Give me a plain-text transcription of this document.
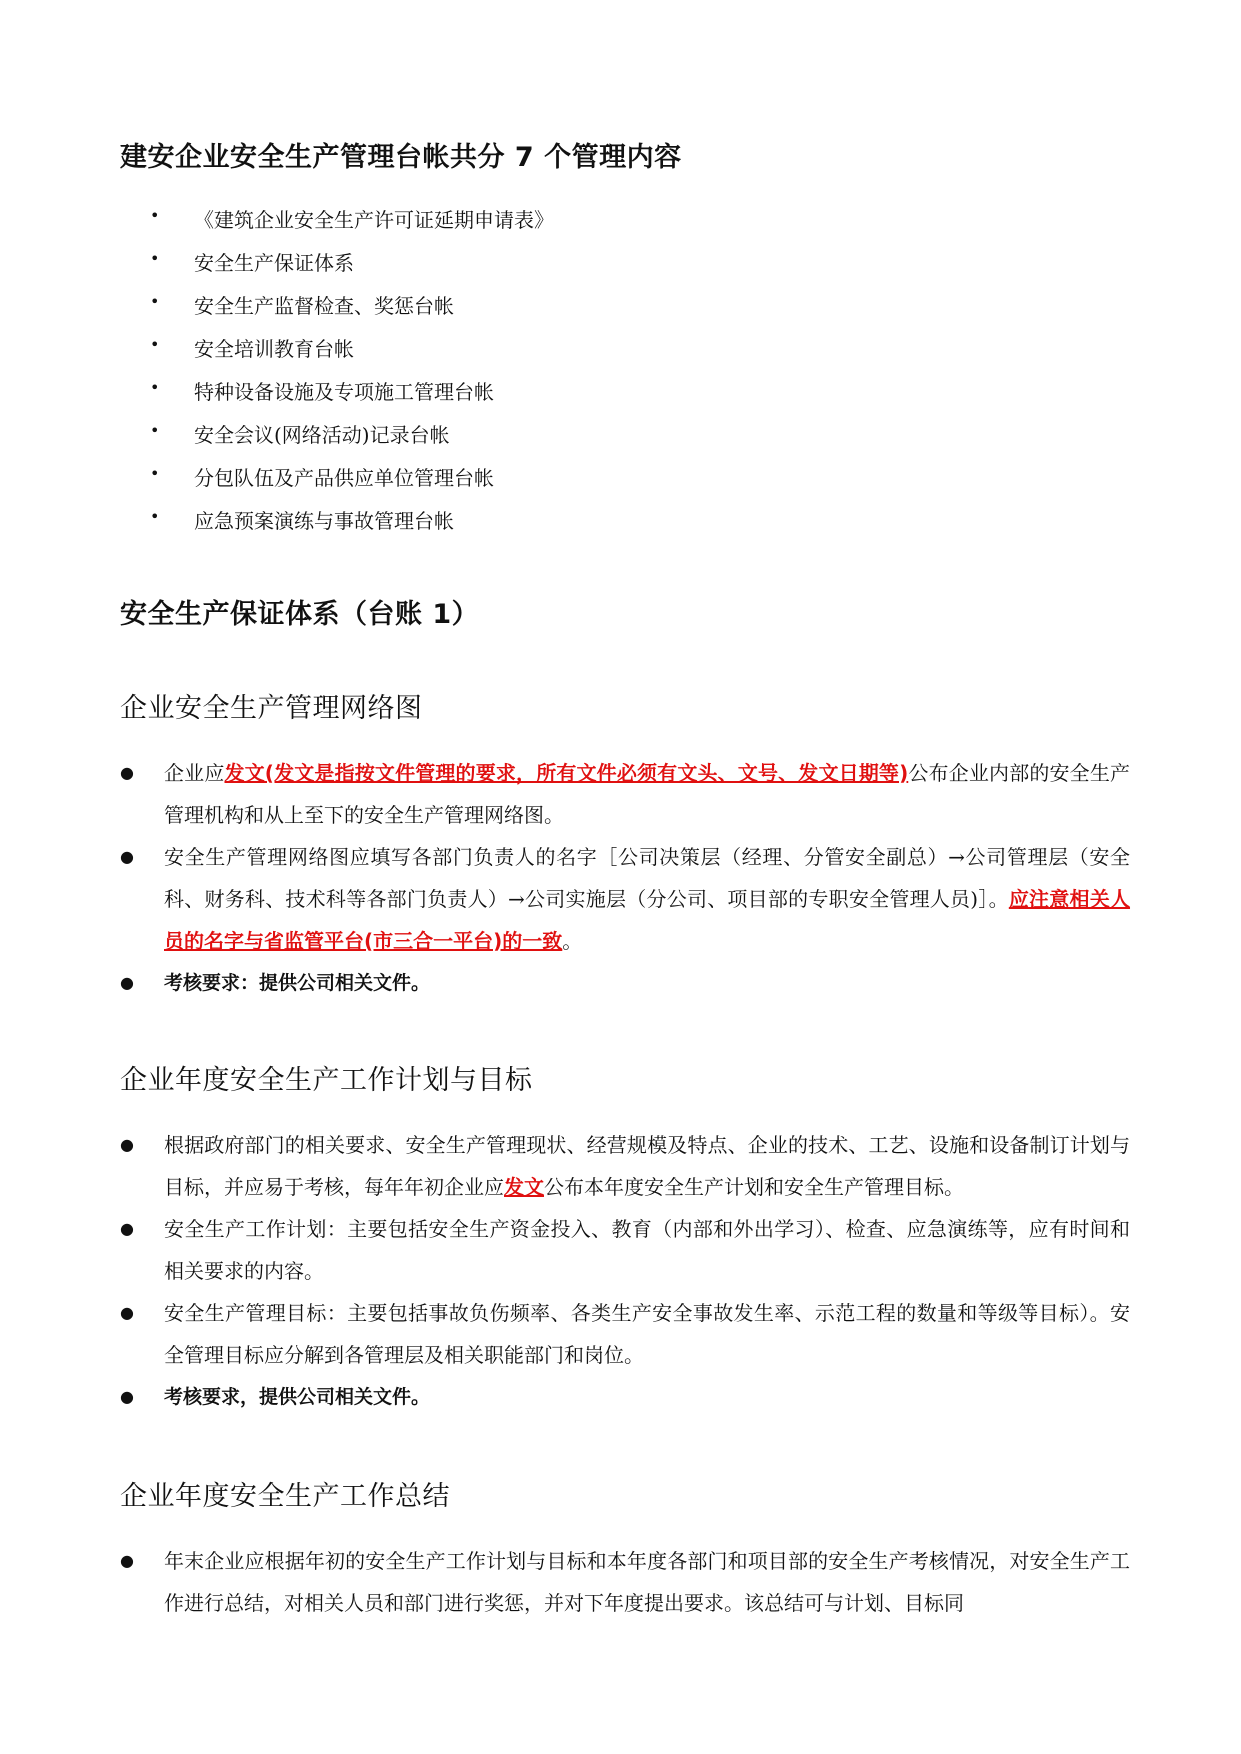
建安企业安全生产管理台帐共分 7 个管理内容
•	《建筑企业安全生产许可证延期申请表》
•	安全生产保证体系
•	安全生产监督检查、奖惩台帐
•	安全培训教育台帐
•	特种设备设施及专项施工管理台帐
•	安全会议(网络活动)记录台帐
•	分包队伍及产品供应单位管理台帐
•	应急预案演练与事故管理台帐
安全生产保证体系（台账 1）
企业安全生产管理网络图
●	企业应发文(发文是指按文件管理的要求，所有文件必须有文头、文号、发文日期等)公布企业内部的安全生产管理机构和从上至下的安全生产管理网络图。
●	安全生产管理网络图应填写各部门负责人的名字［公司决策层（经理、分管安全副总）→公司管理层（安全科、财务科、技术科等各部门负责人）→公司实施层（分公司、项目部的专职安全管理人员)］。应注意相关人员的名字与省监管平台(市三合一平台)的一致。
●	考核要求：提供公司相关文件。
企业年度安全生产工作计划与目标
●	根据政府部门的相关要求、安全生产管理现状、经营规模及特点、企业的技术、工艺、设施和设备制订计划与目标，并应易于考核，每年年初企业应发文公布本年度安全生产计划和安全生产管理目标。
●	安全生产工作计划：主要包括安全生产资金投入、教育（内部和外出学习）、检查、应急演练等，应有时间和相关要求的内容。
●	安全生产管理目标：主要包括事故负伤频率、各类生产安全事故发生率、示范工程的数量和等级等目标）。安全管理目标应分解到各管理层及相关职能部门和岗位。
●	考核要求，提供公司相关文件。
企业年度安全生产工作总结
●	年末企业应根据年初的安全生产工作计划与目标和本年度各部门和项目部的安全生产考核情况，对安全生产工作进行总结，对相关人员和部门进行奖惩，并对下年度提出要求。该总结可与计划、目标同
